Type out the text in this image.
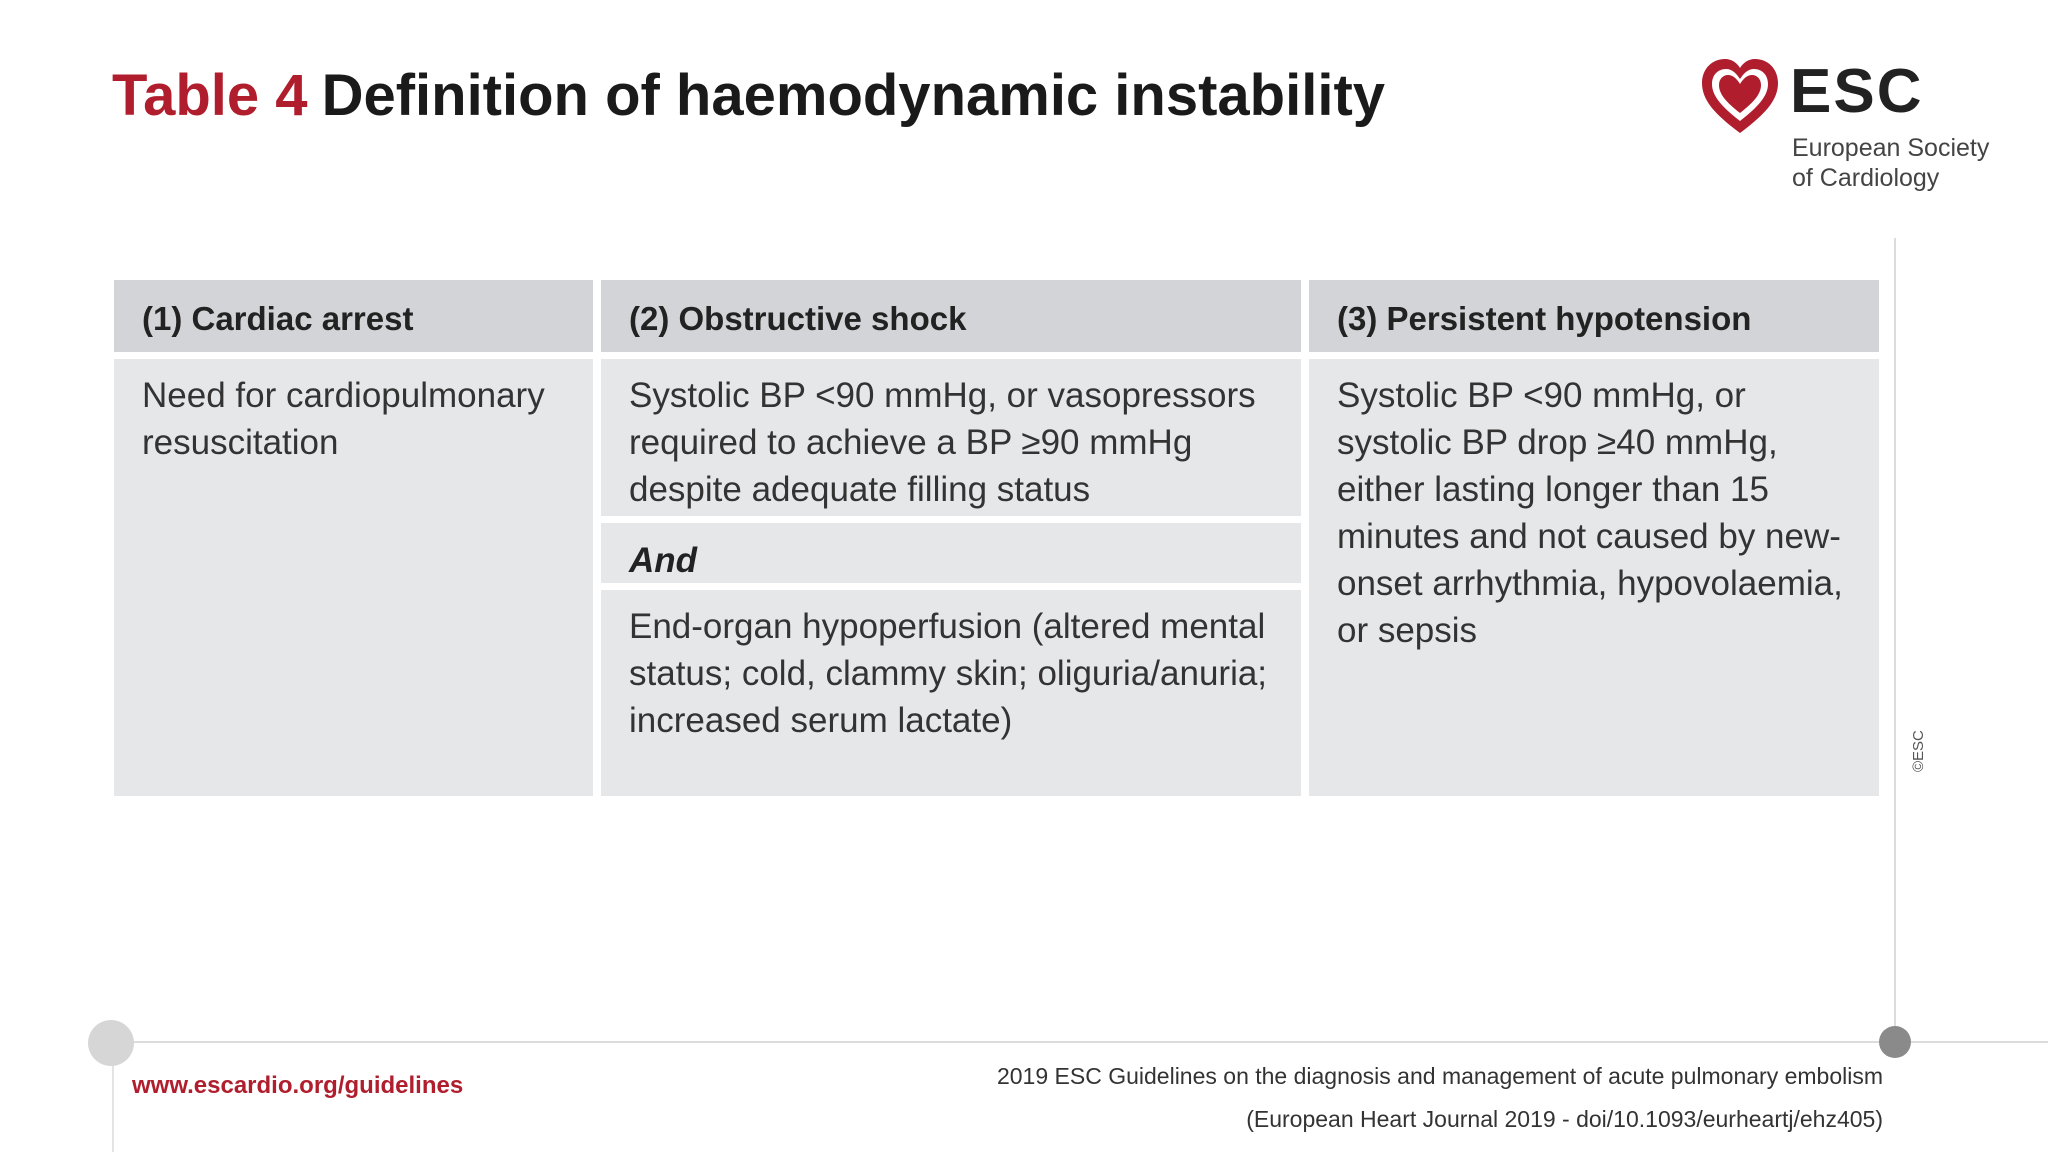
Table 4 Definition of haemodynamic instability	ESC
European Society
of Cardiology
(1) Cardiac arrest
Need for cardiopulmonary resuscitation
(2) Obstructive shock
Systolic BP <90 mmHg, or vasopressors required to achieve a BP ≥90 mmHg despite adequate filling status
And
End-organ hypoperfusion (altered mental status; cold, clammy skin; oliguria/anuria; increased serum lactate)
(3) Persistent hypotension
Systolic BP <90 mmHg, or systolic BP drop ≥40 mmHg, either lasting longer than 15 minutes and not caused by new-onset arrhythmia, hypovolaemia, or sepsis
©ESC
www.escardio.org/guidelines	2019 ESC Guidelines on the diagnosis and management of acute pulmonary embolism
(European Heart Journal 2019 - doi/10.1093/eurheartj/ehz405)
